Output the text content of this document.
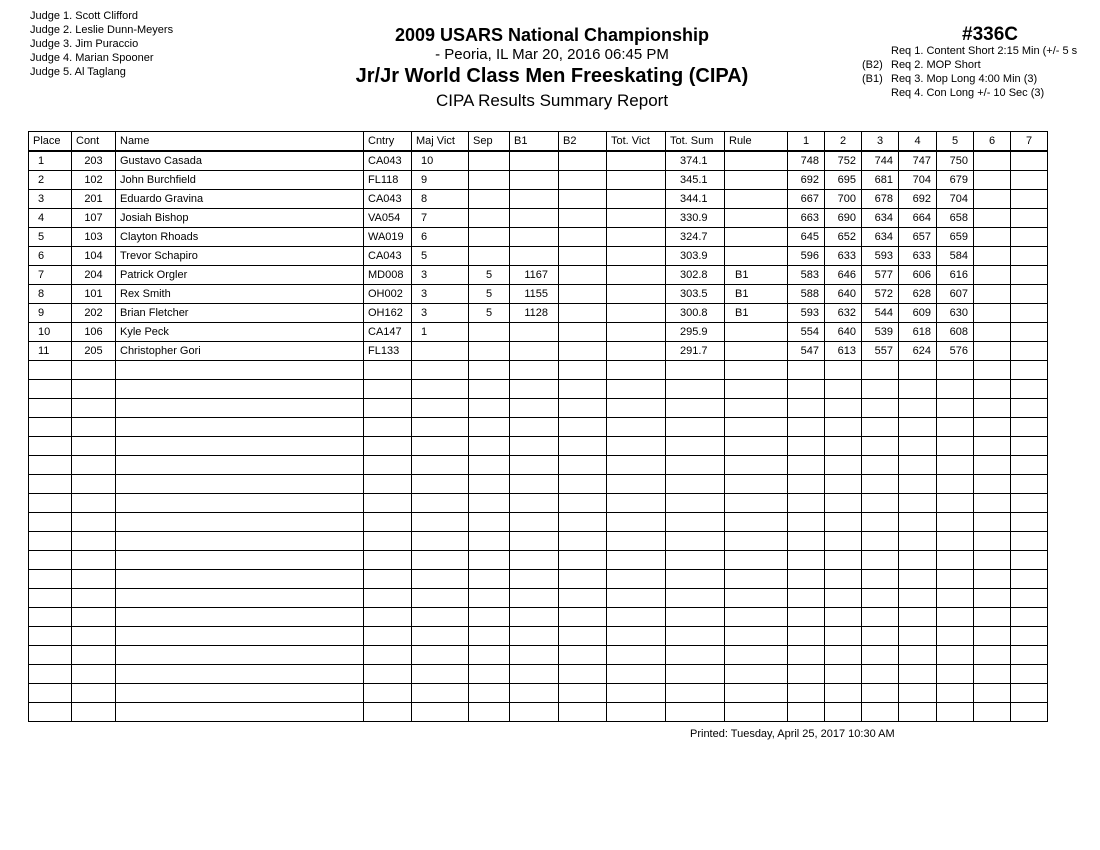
Judge 1. Scott Clifford
Judge 2. Leslie Dunn-Meyers
Judge 3. Jim Puraccio
Judge 4. Marian Spooner
Judge 5. Al Taglang
2009 USARS National Championship
- Peoria, IL Mar 20, 2016 06:45 PM
Jr/Jr World Class Men Freeskating (CIPA)
CIPA Results Summary Report
#336C
Req 1. Content Short 2:15 Min (+/- 5 s
(B2) Req 2. MOP Short
(B1) Req 3. Mop Long 4:00 Min (3)
Req 4. Con Long +/- 10 Sec (3)
Place	Cont	Name	Cntry	Maj Vict	Sep	B1	B2	Tot. Vict	Tot. Sum	Rule	1	2	3	4	5	6	7
1	203	Gustavo Casada	CA043	10					374.1		748	752	744	747	750		
2	102	John Burchfield	FL118	9					345.1		692	695	681	704	679		
3	201	Eduardo Gravina	CA043	8					344.1		667	700	678	692	704		
4	107	Josiah Bishop	VA054	7					330.9		663	690	634	664	658		
5	103	Clayton Rhoads	WA019	6					324.7		645	652	634	657	659		
6	104	Trevor Schapiro	CA043	5					303.9		596	633	593	633	584		
7	204	Patrick Orgler	MD008	3	5	1167			302.8	B1	583	646	577	606	616		
8	101	Rex Smith	OH002	3	5	1155			303.5	B1	588	640	572	628	607		
9	202	Brian Fletcher	OH162	3	5	1128			300.8	B1	593	632	544	609	630		
10	106	Kyle Peck	CA147	1					295.9		554	640	539	618	608		
11	205	Christopher Gori	FL133						291.7		547	613	557	624	576		

Printed: Tuesday, April 25, 2017 10:30 AM
